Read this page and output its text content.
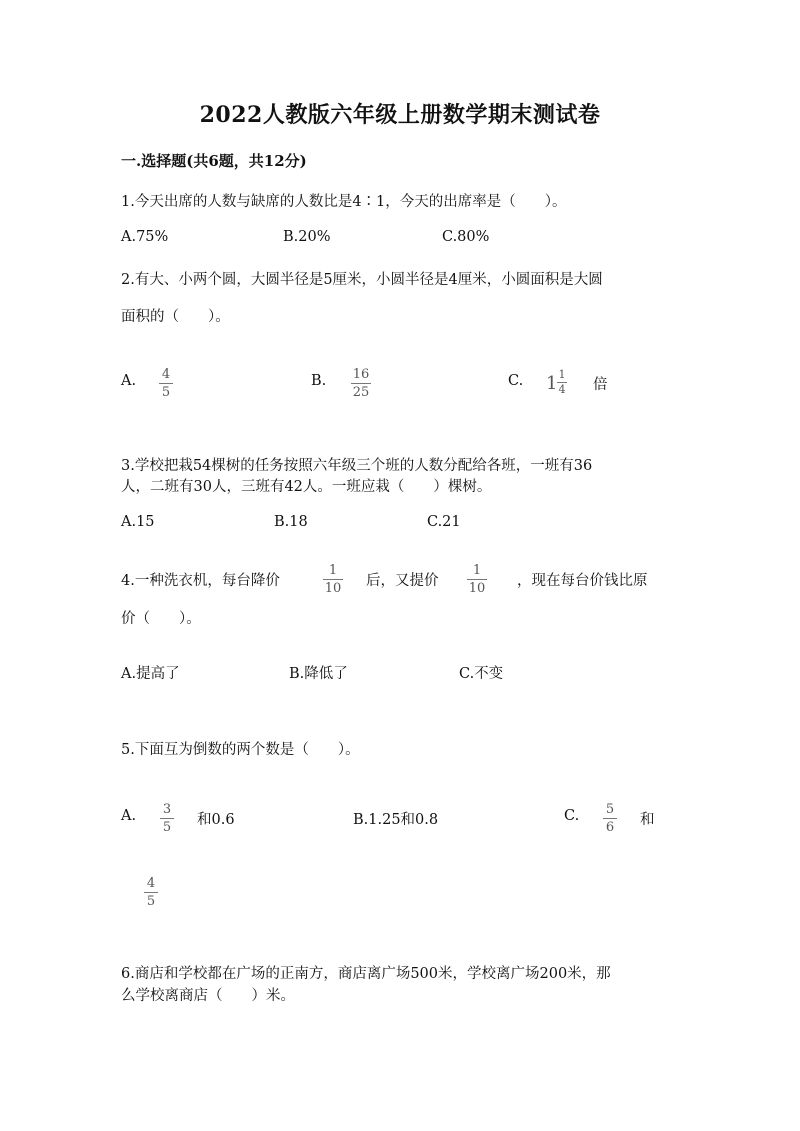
2022人教版六年级上册数学期末测试卷
一.选择题(共6题，共12分)
1.今天出席的人数与缺席的人数比是4∶1，今天的出席率是（　　）。
A.75%	B.20%	C.80%
2.有大、小两个圆，大圆半径是5厘米，小圆半径是4厘米，小圆面积是大圆
面积的（　　）。
A. 4
5
B. 16
25
C. 1 1
4 倍
3.学校把栽54棵树的任务按照六年级三个班的人数分配给各班，一班有36
人，二班有30人，三班有42人。一班应栽（　　）棵树。
A.15	B.18	C.21
4.一种洗衣机，每台降价
1
10 后，又提价
1
10 ，现在每台价钱比原
价（　　）。
A.提高了	B.降低了	C.不变
5.下面互为倒数的两个数是（　　）。
A. 3
5 和0.6	B.1.25和0.8	C. 5
6 和
4
5
6.商店和学校都在广场的正南方，商店离广场500米，学校离广场200米，那
么学校离商店（　　）米。
